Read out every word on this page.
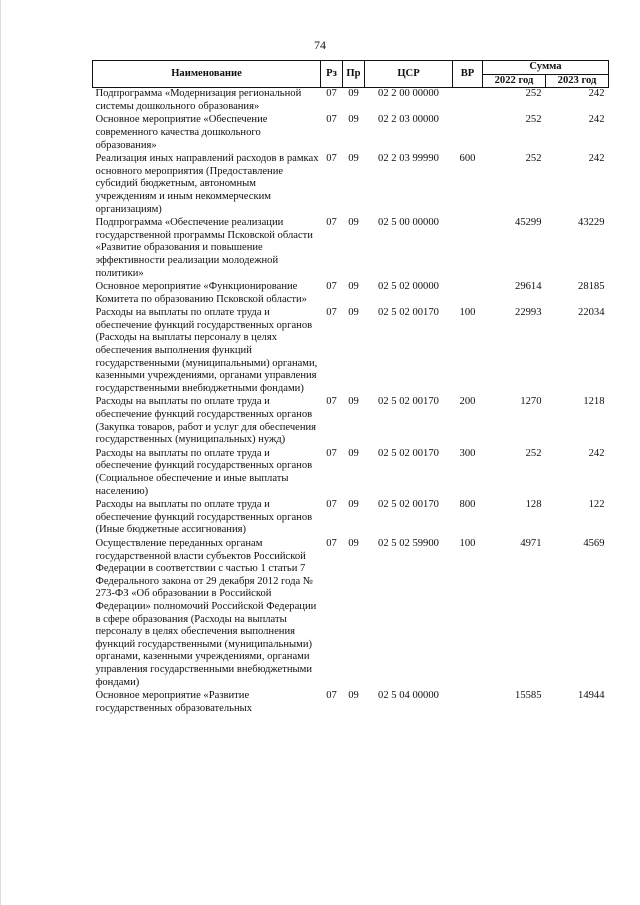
74
Наименование	Рз	Пр	ЦСР	ВР	Сумма	
					2022 год	2023 год
Подпрограмма «Модернизация региональной системы дошкольного образования»	07	09	02 2 00 00000		252	242
Основное мероприятие «Обеспечение современного качества дошкольного образования»	07	09	02 2 03 00000		252	242
Реализация иных направлений расходов в рамках основного мероприятия (Предоставление субсидий бюджетным, автономным учреждениям и иным некоммерческим организациям)	07	09	02 2 03 99990	600	252	242
Подпрограмма «Обеспечение реализации государственной программы Псковской области «Развитие образования и повышение эффективности реализации молодежной политики»	07	09	02 5 00 00000		45299	43229
Основное мероприятие «Функционирование Комитета по образованию Псковской области»	07	09	02 5 02 00000		29614	28185
Расходы на выплаты по оплате труда и обеспечение функций государственных органов (Расходы на выплаты персоналу в целях обеспечения выполнения функций государственными (муниципальными) органами, казенными учреждениями, органами управления государственными внебюджетными фондами)	07	09	02 5 02 00170	100	22993	22034
Расходы на выплаты по оплате труда и обеспечение функций государственных органов (Закупка товаров, работ и услуг для обеспечения государственных (муниципальных) нужд)	07	09	02 5 02 00170	200	1270	1218
Расходы на выплаты по оплате труда и обеспечение функций государственных органов (Социальное обеспечение и иные выплаты населению)	07	09	02 5 02 00170	300	252	242
Расходы на выплаты по оплате труда и обеспечение функций государственных органов (Иные бюджетные ассигнования)	07	09	02 5 02 00170	800	128	122
Осуществление переданных органам государственной власти субъектов Российской Федерации в соответствии с частью 1 статьи 7 Федерального закона от 29 декабря 2012 года № 273-ФЗ «Об образовании в Российской Федерации» полномочий Российской Федерации в сфере образования (Расходы на выплаты персоналу в целях обеспечения выполнения функций государственными (муниципальными) органами, казенными учреждениями, органами управления государственными внебюджетными фондами)	07	09	02 5 02 59900	100	4971	4569
Основное мероприятие «Развитие государственных образовательных	07	09	02 5 04 00000		15585	14944
